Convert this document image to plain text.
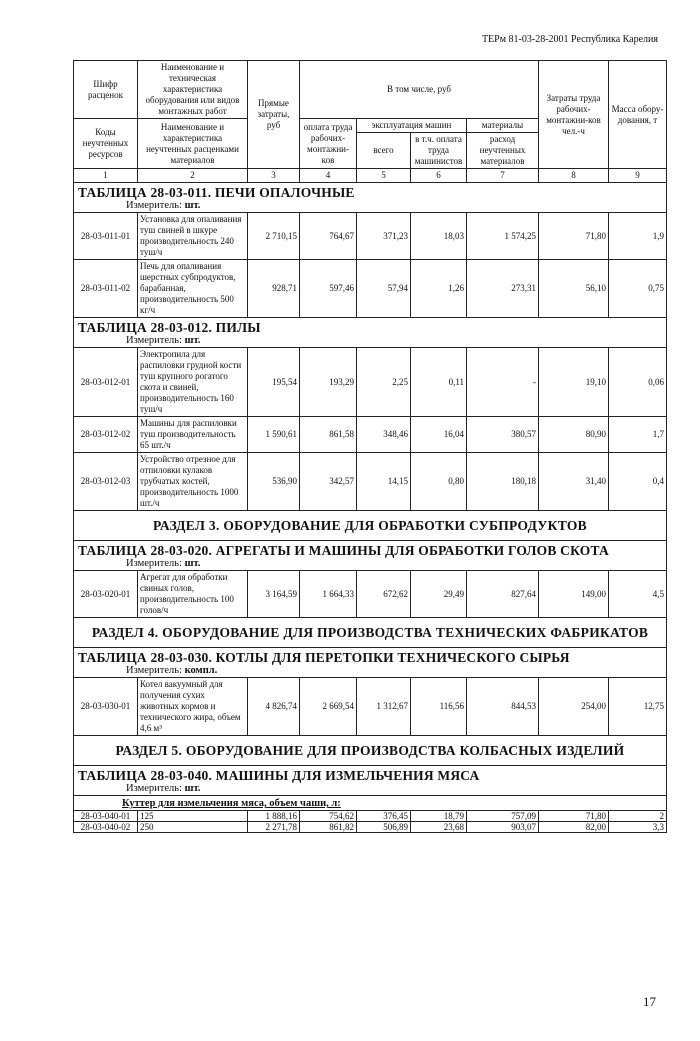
ТЕРм 81-03-28-2001 Республика Карелия
Шифр расценок	Наименование и техническая характеристика оборудования или видов монтажных работ	Прямые затраты, руб	В том числе, руб				Затраты труда рабочих-монтажни-ков чел.-ч	Масса обору-дования, т
Коды неучтенных ресурсов	Наименование и характеристика неучтенных расценками материалов		оплата труда рабочих-монтажни-ков	эксплуатация машин		материалы		
				всего	в т.ч. оплата труда машинистов	расход неучтенных материалов		

1	2	3	4	5	6	7	8	9

ТАБЛИЦА 28-03-011. ПЕЧИ ОПАЛОЧНЫЕ
Измеритель: шт.								

28-03-011-01	Установка для опаливания туш свиней в шкуре производительность 240 туш/ч	2 710,15	764,67	371,23	18,03	1 574,25	71,80	1,9
28-03-011-02	Печь для опаливания шерстных субпродуктов, барабанная, производительность 500 кг/ч	928,71	597,46	57,94	1,26	273,31	56,10	0,75

ТАБЛИЦА 28-03-012. ПИЛЫ
Измеритель: шт.								

28-03-012-01	Электропила для распиловки грудной кости туш крупного рогатого скота и свиней, производительность 160 туш/ч	195,54	193,29	2,25	0,11	-	19,10	0,06
28-03-012-02	Машины для распиловки туш производительность 65 шт./ч	1 590,61	861,58	348,46	16,04	380,57	80,90	1,7
28-03-012-03	Устройство отрезное для отпиловки кулаков трубчатых костей, производительность 1000 шт./ч	536,90	342,57	14,15	0,80	180,18	31,40	0,4
РАЗДЕЛ 3. ОБОРУДОВАНИЕ ДЛЯ ОБРАБОТКИ СУБПРОДУКТОВ								

ТАБЛИЦА 28-03-020. АГРЕГАТЫ И МАШИНЫ ДЛЯ ОБРАБОТКИ ГОЛОВ СКОТА
Измеритель: шт.								

28-03-020-01	Агрегат для обработки свиных голов, производительность 100 голов/ч	3 164,59	1 664,33	672,62	29,49	827,64	149,00	4,5
РАЗДЕЛ 4. ОБОРУДОВАНИЕ ДЛЯ ПРОИЗВОДСТВА ТЕХНИЧЕСКИХ ФАБРИКАТОВ								

ТАБЛИЦА 28-03-030. КОТЛЫ ДЛЯ ПЕРЕТОПКИ ТЕХНИЧЕСКОГО СЫРЬЯ
Измеритель: компл.								

28-03-030-01	Котел вакуумный для получения сухих животных кормов и технического жира, объем 4,6 м³	4 826,74	2 669,54	1 312,67	116,56	844,53	254,00	12,75
РАЗДЕЛ 5. ОБОРУДОВАНИЕ ДЛЯ ПРОИЗВОДСТВА КОЛБАСНЫХ ИЗДЕЛИЙ								

ТАБЛИЦА 28-03-040. МАШИНЫ ДЛЯ ИЗМЕЛЬЧЕНИЯ МЯСА
Измеритель: шт.								

Куттер для измельчения мяса, объем чаши, л:								
28-03-040-01	125	1 888,16	754,62	376,45	18,79	757,09	71,80	2
28-03-040-02	250	2 271,78	861,82	506,89	23,68	903,07	82,00	3,3
17
